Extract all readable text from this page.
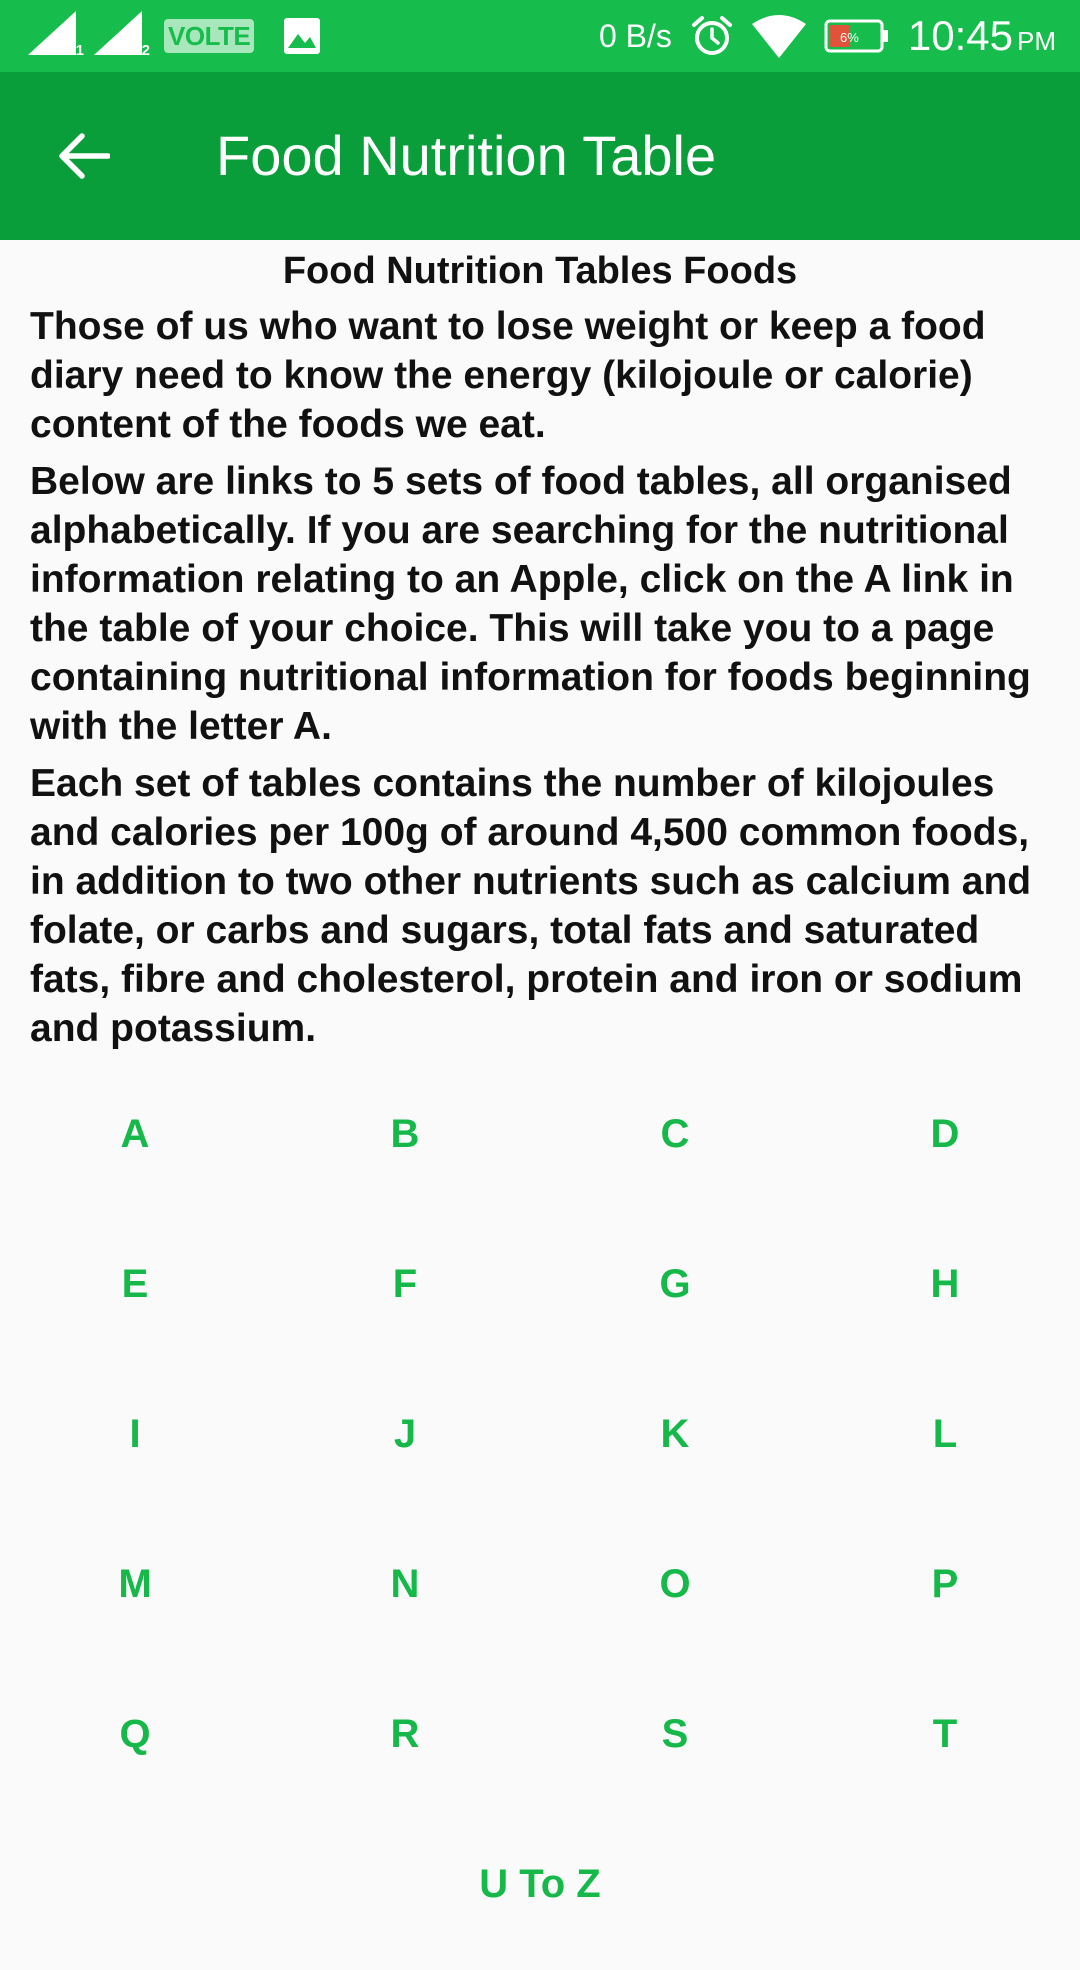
1	2 VOLTE	0 B/s	6% 10:45 PM
Food Nutrition Table
Food Nutrition Tables Foods

Those of us who want to lose weight or keep a food diary need to know the energy (kilojoule or calorie) content of the foods we eat.

Below are links to 5 sets of food tables, all organised alphabetically. If you are searching for the nutritional information relating to an Apple, click on the A link in the table of your choice. This will take you to a page containing nutritional information for foods beginning with the letter A.

Each set of tables contains the number of kilojoules and calories per 100g of around 4,500 common foods, in addition to two other nutrients such as calcium and folate, or carbs and sugars, total fats and saturated fats, fibre and cholesterol, protein and iron or sodium and potassium.

A	B	C	D
E	F	G	H
I	J	K	L
M	N	O	P
Q	R	S	T
U To Z
